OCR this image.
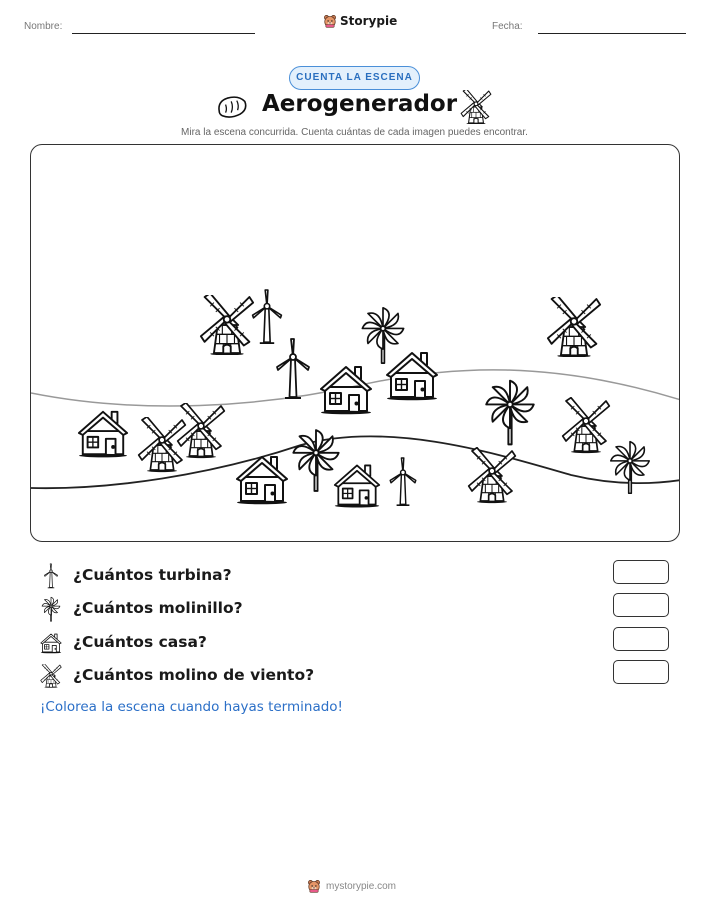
Nombre:	Storypie	Fecha:
CUENTA LA ESCENA
Aerogenerador
Mira la escena concurrida. Cuenta cuántas de cada imagen puedes encontrar.
¿Cuántos turbina?
¿Cuántos molinillo?
¿Cuántos casa?
¿Cuántos molino de viento?
¡Colorea la escena cuando hayas terminado!
mystorypie.com
